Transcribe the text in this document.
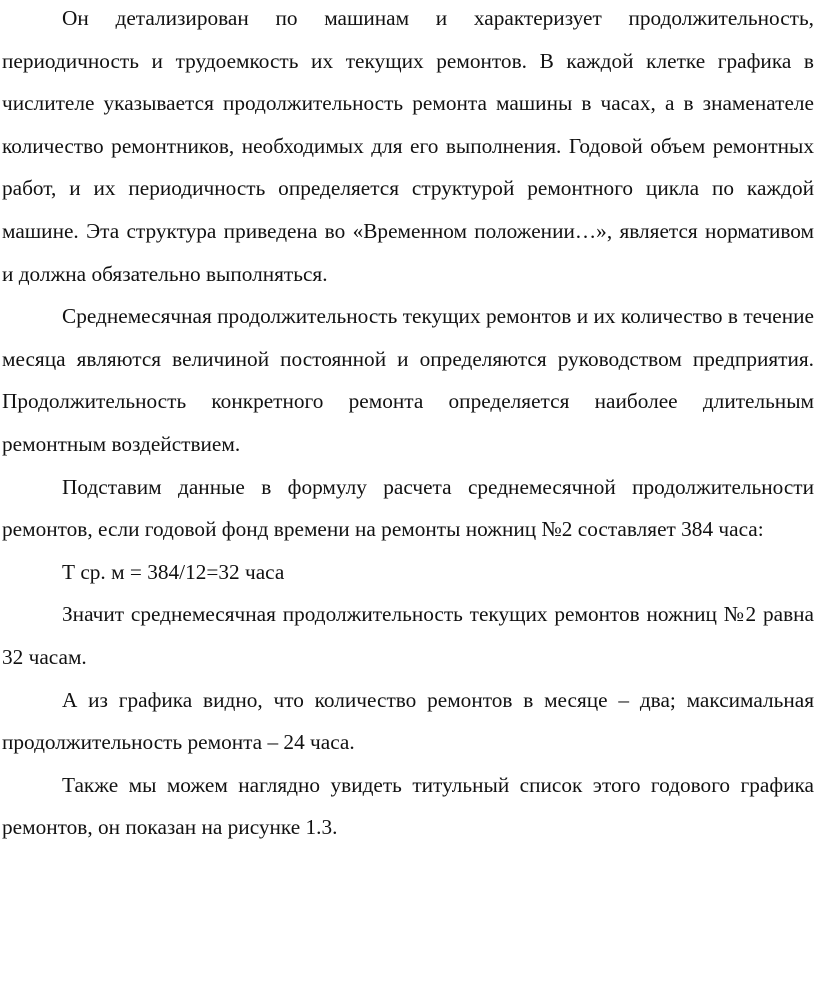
Он детализирован по машинам и характеризует продолжительность, периодичность и трудоемкость их текущих ремонтов. В каждой клетке графика в числителе указывается продолжительность ремонта машины в часах, а в знаменателе количество ремонтников, необходимых для его выполнения. Годовой объем ремонтных работ, и их периодичность определяется структурой ремонтного цикла по каждой машине. Эта структура приведена во «Временном положении…», является нормативом и должна обязательно выполняться.

Среднемесячная продолжительность текущих ремонтов и их количество в течение месяца являются величиной постоянной и определяются руководством предприятия. Продолжительность конкретного ремонта определяется наиболее длительным ремонтным воздействием.

Подставим данные в формулу расчета среднемесячной продолжительности ремонтов, если годовой фонд времени на ремонты ножниц №2 составляет 384 часа:

Т ср. м = 384/12=32 часа

Значит среднемесячная продолжительность текущих ремонтов ножниц №2 равна 32 часам.

А из графика видно, что количество ремонтов в месяце – два; максимальная продолжительность ремонта – 24 часа.

Также мы можем наглядно увидеть титульный список этого годового графика ремонтов, он показан на рисунке 1.3.
